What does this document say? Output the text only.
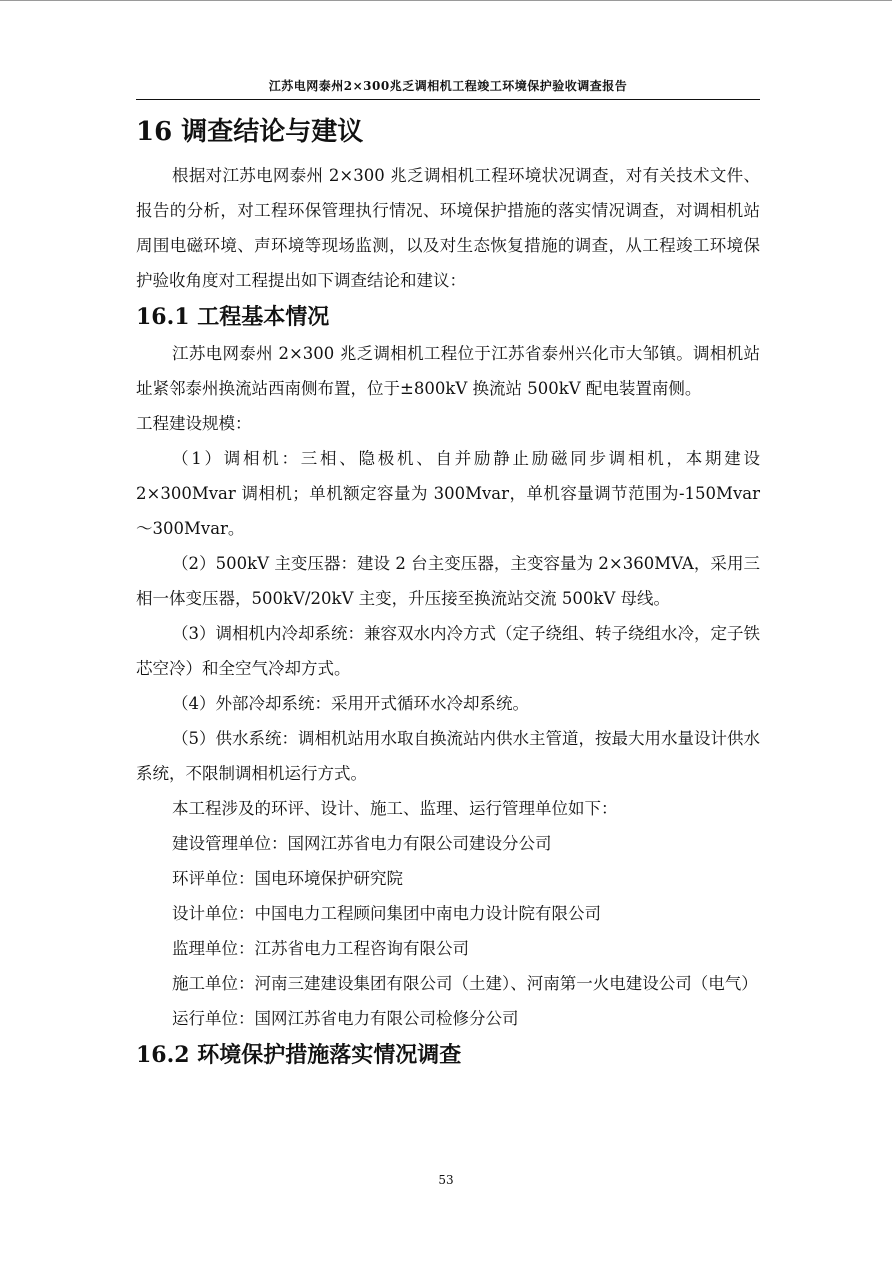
江苏电网泰州2×300兆乏调相机工程竣工环境保护验收调查报告
16 调查结论与建议

根据对江苏电网泰州 2×300 兆乏调相机工程环境状况调查，对有关技术文件、报告的分析，对工程环保管理执行情况、环境保护措施的落实情况调查，对调相机站周围电磁环境、声环境等现场监测，以及对生态恢复措施的调查，从工程竣工环境保护验收角度对工程提出如下调查结论和建议：

16.1 工程基本情况

江苏电网泰州 2×300 兆乏调相机工程位于江苏省泰州兴化市大邹镇。调相机站址紧邻泰州换流站西南侧布置，位于±800kV 换流站 500kV 配电装置南侧。

工程建设规模：

（1）调相机：三相、隐极机、自并励静止励磁同步调相机，本期建设 2×300Mvar 调相机；单机额定容量为 300Mvar，单机容量调节范围为-150Mvar～300Mvar。

（2）500kV 主变压器：建设 2 台主变压器，主变容量为 2×360MVA，采用三相一体变压器，500kV/20kV 主变，升压接至换流站交流 500kV 母线。

（3）调相机内冷却系统：兼容双水内冷方式（定子绕组、转子绕组水冷，定子铁芯空冷）和全空气冷却方式。

（4）外部冷却系统：采用开式循环水冷却系统。

（5）供水系统：调相机站用水取自换流站内供水主管道，按最大用水量设计供水系统，不限制调相机运行方式。

本工程涉及的环评、设计、施工、监理、运行管理单位如下：

建设管理单位：国网江苏省电力有限公司建设分公司

环评单位：国电环境保护研究院

设计单位：中国电力工程顾问集团中南电力设计院有限公司

监理单位：江苏省电力工程咨询有限公司

施工单位：河南三建建设集团有限公司（土建）、河南第一火电建设公司（电气）

运行单位：国网江苏省电力有限公司检修分公司

16.2 环境保护措施落实情况调查
53
